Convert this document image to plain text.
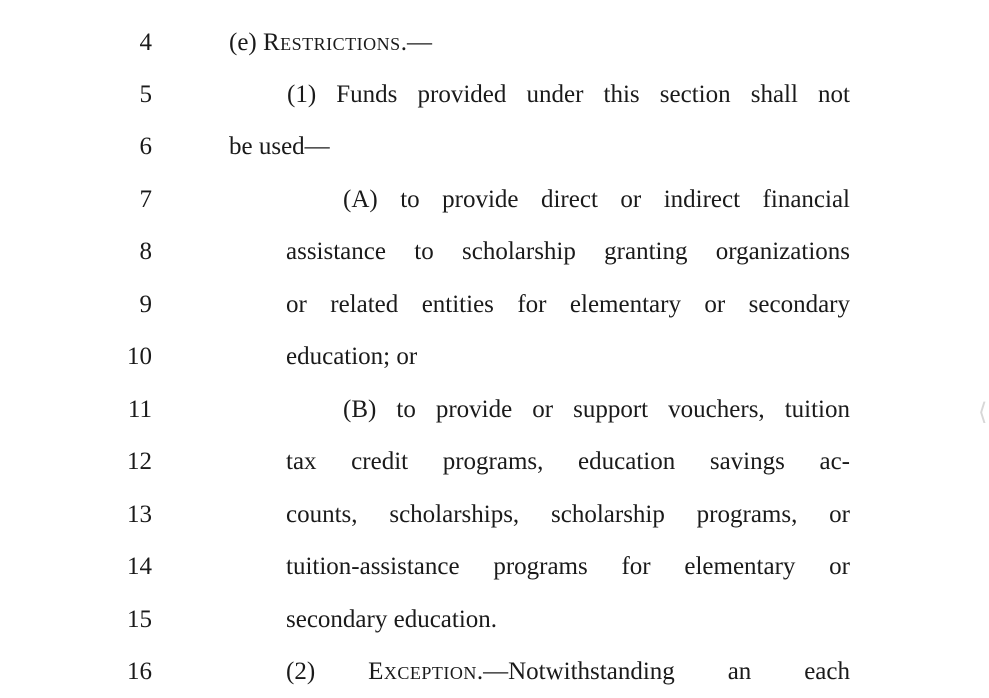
4	(e) Restrictions.—
5	(1) Funds provided under this section shall not
6	be used—
7	(A) to provide direct or indirect financial
8	assistance to scholarship granting organizations
9	or related entities for elementary or secondary
10	education; or
11	(B) to provide or support vouchers, tuition
12	tax credit programs, education savings ac-
13	counts, scholarships, scholarship programs, or
14	tuition-assistance programs for elementary or
15	secondary education.
16	(2) Exception.—Notwithstanding an each
⟨
